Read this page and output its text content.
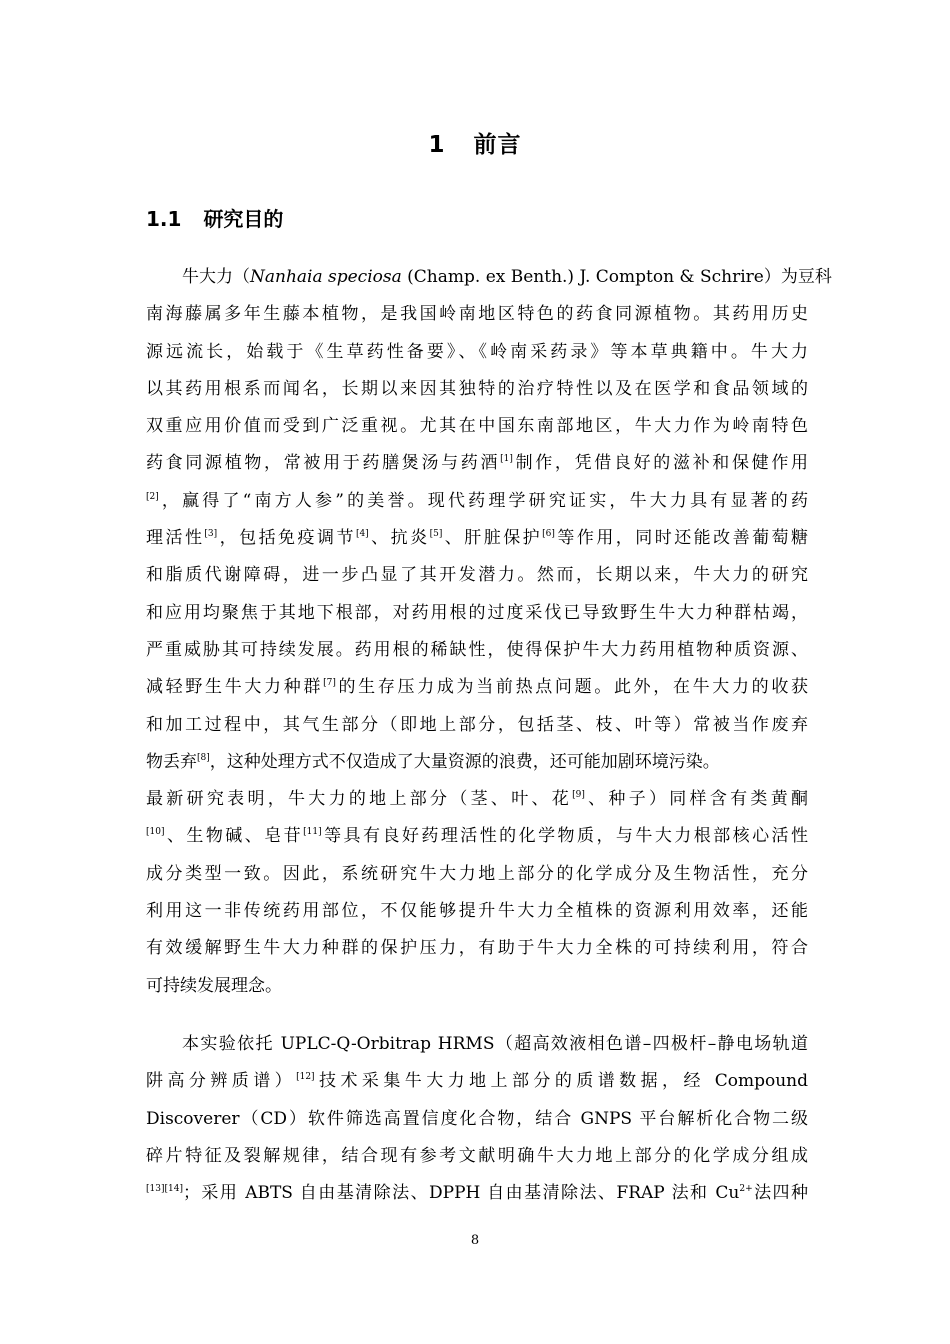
1 前言
1.1 研究目的
牛大力（Nanhaia speciosa (Champ. ex Benth.) J. Compton & Schrire）为豆科
南海藤属多年生藤本植物，是我国岭南地区特色的药食同源植物。其药用历史
源远流长，始载于《生草药性备要》、《岭南采药录》等本草典籍中。牛大力
以其药用根系而闻名，长期以来因其独特的治疗特性以及在医学和食品领域的
双重应用价值而受到广泛重视。尤其在中国东南部地区，牛大力作为岭南特色
药食同源植物，常被用于药膳煲汤与药酒[1]制作，凭借良好的滋补和保健作用
[2]，赢得了“南方人参”的美誉。现代药理学研究证实，牛大力具有显著的药
理活性[3]，包括免疫调节[4]、抗炎[5]、肝脏保护[6]等作用，同时还能改善葡萄糖
和脂质代谢障碍，进一步凸显了其开发潜力。然而，长期以来，牛大力的研究
和应用均聚焦于其地下根部，对药用根的过度采伐已导致野生牛大力种群枯竭，
严重威胁其可持续发展。药用根的稀缺性，使得保护牛大力药用植物种质资源、
减轻野生牛大力种群[7]的生存压力成为当前热点问题。此外，在牛大力的收获
和加工过程中，其气生部分（即地上部分，包括茎、枝、叶等）常被当作废弃
物丢弃[8]，这种处理方式不仅造成了大量资源的浪费，还可能加剧环境污染。
最新研究表明，牛大力的地上部分（茎、叶、花[9]、种子）同样含有类黄酮
[10]、生物碱、皂苷[11]等具有良好药理活性的化学物质，与牛大力根部核心活性
成分类型一致。因此，系统研究牛大力地上部分的化学成分及生物活性，充分
利用这一非传统药用部位，不仅能够提升牛大力全植株的资源利用效率，还能
有效缓解野生牛大力种群的保护压力，有助于牛大力全株的可持续利用，符合
可持续发展理念。
本实验依托 UPLC-Q-Orbitrap HRMS（超高效液相色谱–四极杆–静电场轨道
阱高分辨质谱）[12]技术采集牛大力地上部分的质谱数据，经 Compound
Discoverer（CD）软件筛选高置信度化合物，结合 GNPS 平台解析化合物二级
碎片特征及裂解规律，结合现有参考文献明确牛大力地上部分的化学成分组成
[13][14]；采用 ABTS 自由基清除法、DPPH 自由基清除法、FRAP 法和 $Cu^{2+}$法四种
8
